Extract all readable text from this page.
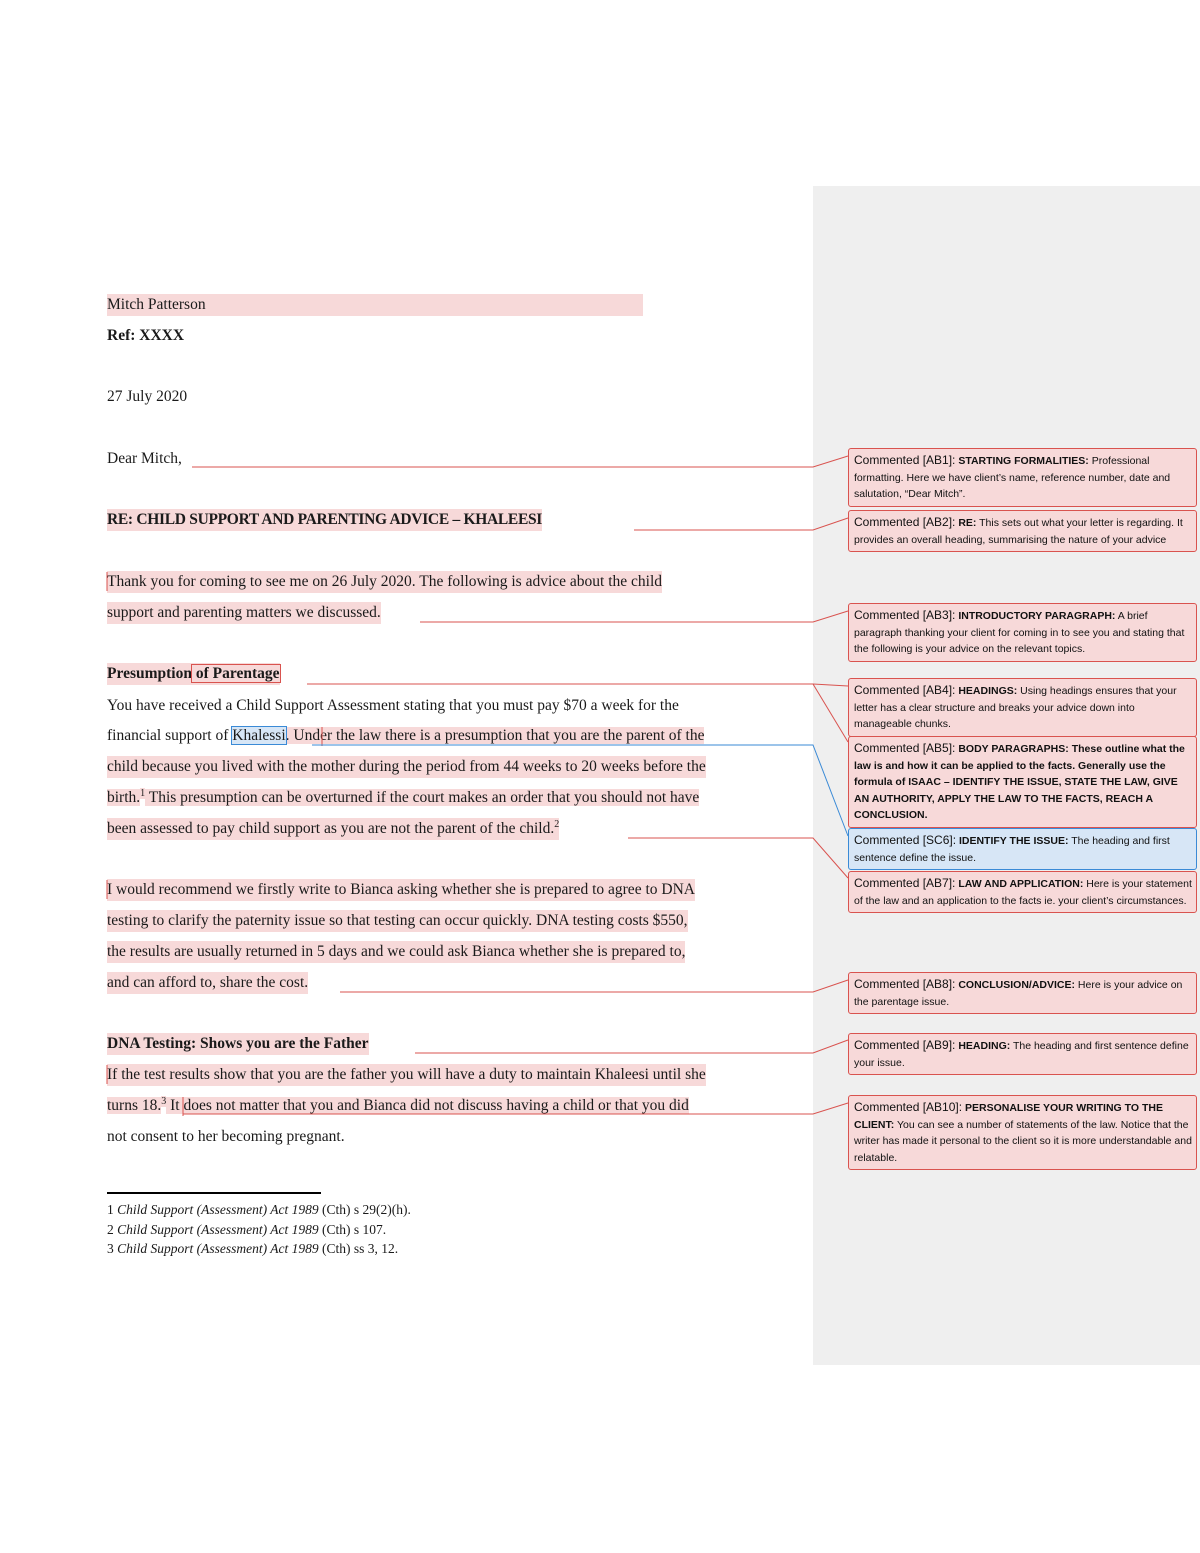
Mitch Patterson
Ref: XXXX
27 July 2020
Dear Mitch,
RE: CHILD SUPPORT AND PARENTING ADVICE – KHALEESI
Thank you for coming to see me on 26 July 2020. The following is advice about the child
support and parenting matters we discussed.
Presumption of Parentage
You have received a Child Support Assessment stating that you must pay $70 a week for the
financial support of Khalessi. Under the law there is a presumption that you are the parent of the
child because you lived with the mother during the period from 44 weeks to 20 weeks before the
birth.$^1$ This presumption can be overturned if the court makes an order that you should not have
been assessed to pay child support as you are not the parent of the child.$^2$
I would recommend we firstly write to Bianca asking whether she is prepared to agree to DNA
testing to clarify the paternity issue so that testing can occur quickly. DNA testing costs $550,
the results are usually returned in 5 days and we could ask Bianca whether she is prepared to,
and can afford to, share the cost.
DNA Testing: Shows you are the Father
If the test results show that you are the father you will have a duty to maintain Khaleesi until she
turns 18.$^3$ It does not matter that you and Bianca did not discuss having a child or that you did
not consent to her becoming pregnant.
1 Child Support (Assessment) Act 1989 (Cth) s 29(2)(h).
2 Child Support (Assessment) Act 1989 (Cth) s 107.
3 Child Support (Assessment) Act 1989 (Cth) ss 3, 12.
Commented [AB1]: STARTING FORMALITIES: Professional formatting. Here we have client’s name, reference number, date and salutation, “Dear Mitch”.
Commented [AB2]: RE: This sets out what your letter is regarding. It provides an overall heading, summarising the nature of your advice
Commented [AB3]: INTRODUCTORY PARAGRAPH: A brief paragraph thanking your client for coming in to see you and stating that the following is your advice on the relevant topics.
Commented [AB4]: HEADINGS: Using headings ensures that your letter has a clear structure and breaks your advice down into manageable chunks.
Commented [AB5]: BODY PARAGRAPHS: These outline what the law is and how it can be applied to the facts. Generally use the formula of ISAAC – IDENTIFY THE ISSUE, STATE THE LAW, GIVE AN AUTHORITY, APPLY THE LAW TO THE FACTS, REACH A CONCLUSION.
Commented [SC6]: IDENTIFY THE ISSUE: The heading and first sentence define the issue.
Commented [AB7]: LAW AND APPLICATION: Here is your statement of the law and an application to the facts ie. your client’s circumstances.
Commented [AB8]: CONCLUSION/ADVICE: Here is your advice on the parentage issue.
Commented [AB9]: HEADING: The heading and first sentence define your issue.
Commented [AB10]: PERSONALISE YOUR WRITING TO THE CLIENT: You can see a number of statements of the law. Notice that the writer has made it personal to the client so it is more understandable and relatable.
